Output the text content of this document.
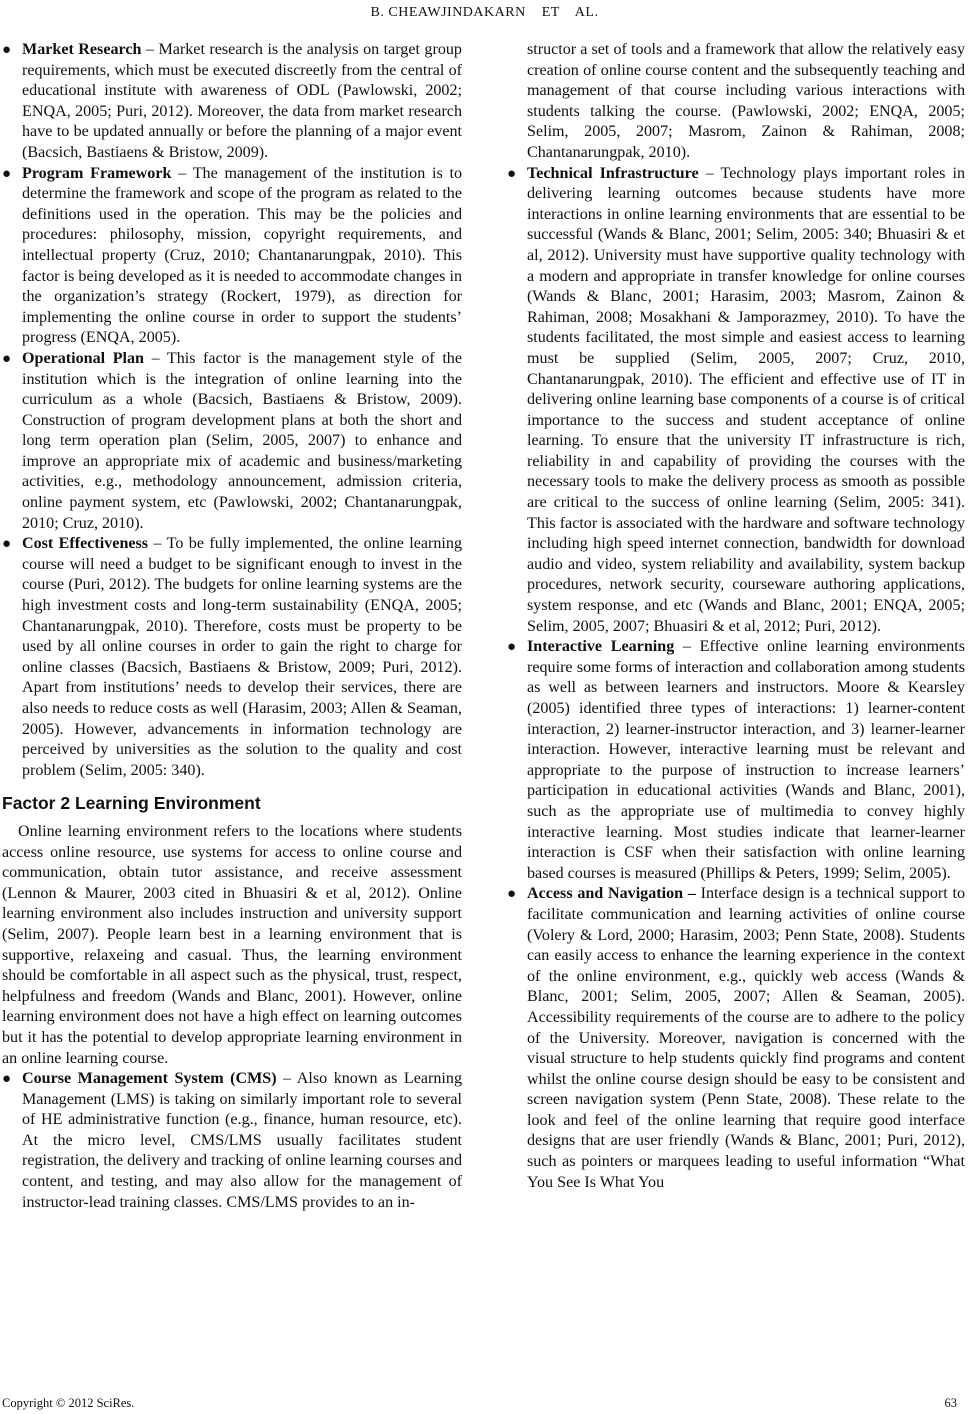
B. CHEAWJINDAKARN    ET    AL.
● Market Research – Market research is the analysis on target group requirements, which must be executed discreetly from the central of educational institute with awareness of ODL (Pawlowski, 2002; ENQA, 2005; Puri, 2012). Moreover, the data from market research have to be updated annually or before the planning of a major event (Bacsich, Bastiaens & Bristow, 2009).
● Program Framework – The management of the institution is to determine the framework and scope of the program as related to the definitions used in the operation. This may be the policies and procedures: philosophy, mission, copyright requirements, and intellectual property (Cruz, 2010; Chantanarungpak, 2010). This factor is being developed as it is needed to accommodate changes in the organization’s strategy (Rockert, 1979), as direction for implementing the online course in order to support the students’ progress (ENQA, 2005).
● Operational Plan – This factor is the management style of the institution which is the integration of online learning into the curriculum as a whole (Bacsich, Bastiaens & Bristow, 2009). Construction of program development plans at both the short and long term operation plan (Selim, 2005, 2007) to enhance and improve an appropriate mix of academic and business/marketing activities, e.g., methodology announcement, admission criteria, online payment system, etc (Pawlowski, 2002; Chantanarungpak, 2010; Cruz, 2010).
● Cost Effectiveness – To be fully implemented, the online learning course will need a budget to be significant enough to invest in the course (Puri, 2012). The budgets for online learning systems are the high investment costs and long-term sustainability (ENQA, 2005; Chantanarungpak, 2010). Therefore, costs must be property to be used by all online courses in order to gain the right to charge for online classes (Bacsich, Bastiaens & Bristow, 2009; Puri, 2012). Apart from institutions’ needs to develop their services, there are also needs to reduce costs as well (Harasim, 2003; Allen & Seaman, 2005). However, advancements in information technology are perceived by universities as the solution to the quality and cost problem (Selim, 2005: 340).
Factor 2 Learning Environment

Online learning environment refers to the locations where students access online resource, use systems for access to online course and communication, obtain tutor assistance, and receive assessment (Lennon & Maurer, 2003 cited in Bhuasiri & et al, 2012). Online learning environment also includes instruction and university support (Selim, 2007). People learn best in a learning environment that is supportive, relaxeing and casual. Thus, the learning environment should be comfortable in all aspect such as the physical, trust, respect, helpfulness and freedom (Wands and Blanc, 2001). However, online learning environment does not have a high effect on learning outcomes but it has the potential to develop appropriate learning environment in an online learning course.

● Course Management System (CMS) – Also known as Learning Management (LMS) is taking on similarly important role to several of HE administrative function (e.g., finance, human resource, etc). At the micro level, CMS/LMS usually facilitates student registration, the delivery and tracking of online learning courses and content, and testing, and may also allow for the management of instructor-lead training classes. CMS/LMS provides to an in-
structor a set of tools and a framework that allow the relatively easy creation of online course content and the subsequently teaching and management of that course including various interactions with students talking the course. (Pawlowski, 2002; ENQA, 2005; Selim, 2005, 2007; Masrom, Zainon & Rahiman, 2008; Chantanarungpak, 2010).
● Technical Infrastructure – Technology plays important roles in delivering learning outcomes because students have more interactions in online learning environments that are essential to be successful (Wands & Blanc, 2001; Selim, 2005: 340; Bhuasiri & et al, 2012). University must have supportive quality technology with a modern and appropriate in transfer knowledge for online courses (Wands & Blanc, 2001; Harasim, 2003; Masrom, Zainon & Rahiman, 2008; Mosakhani & Jamporazmey, 2010). To have the students facilitated, the most simple and easiest access to learning must be supplied (Selim, 2005, 2007; Cruz, 2010, Chantanarungpak, 2010). The efficient and effective use of IT in delivering online learning base components of a course is of critical importance to the success and student acceptance of online learning. To ensure that the university IT infrastructure is rich, reliability in and capability of providing the courses with the necessary tools to make the delivery process as smooth as possible are critical to the success of online learning (Selim, 2005: 341). This factor is associated with the hardware and software technology including high speed internet connection, bandwidth for download audio and video, system reliability and availability, system backup procedures, network security, courseware authoring applications, system response, and etc (Wands and Blanc, 2001; ENQA, 2005; Selim, 2005, 2007; Bhuasiri & et al, 2012; Puri, 2012).
● Interactive Learning – Effective online learning environments require some forms of interaction and collaboration among students as well as between learners and instructors. Moore & Kearsley (2005) identified three types of interactions: 1) learner-content interaction, 2) learner-instructor interaction, and 3) learner-learner interaction. However, interactive learning must be relevant and appropriate to the purpose of instruction to increase learners’ participation in educational activities (Wands and Blanc, 2001), such as the appropriate use of multimedia to convey highly interactive learning. Most studies indicate that learner-learner interaction is CSF when their satisfaction with online learning based courses is measured (Phillips & Peters, 1999; Selim, 2005).
● Access and Navigation – Interface design is a technical support to facilitate communication and learning activities of online course (Volery & Lord, 2000; Harasim, 2003; Penn State, 2008). Students can easily access to enhance the learning experience in the context of the online environment, e.g., quickly web access (Wands & Blanc, 2001; Selim, 2005, 2007; Allen & Seaman, 2005). Accessibility requirements of the course are to adhere to the policy of the University. Moreover, navigation is concerned with the visual structure to help students quickly find programs and content whilst the online course design should be easy to be consistent and screen navigation system (Penn State, 2008). These relate to the look and feel of the online learning that require good interface designs that are user friendly (Wands & Blanc, 2001; Puri, 2012), such as pointers or marquees leading to useful information “What You See Is What You
Copyright © 2012 SciRes.	63
